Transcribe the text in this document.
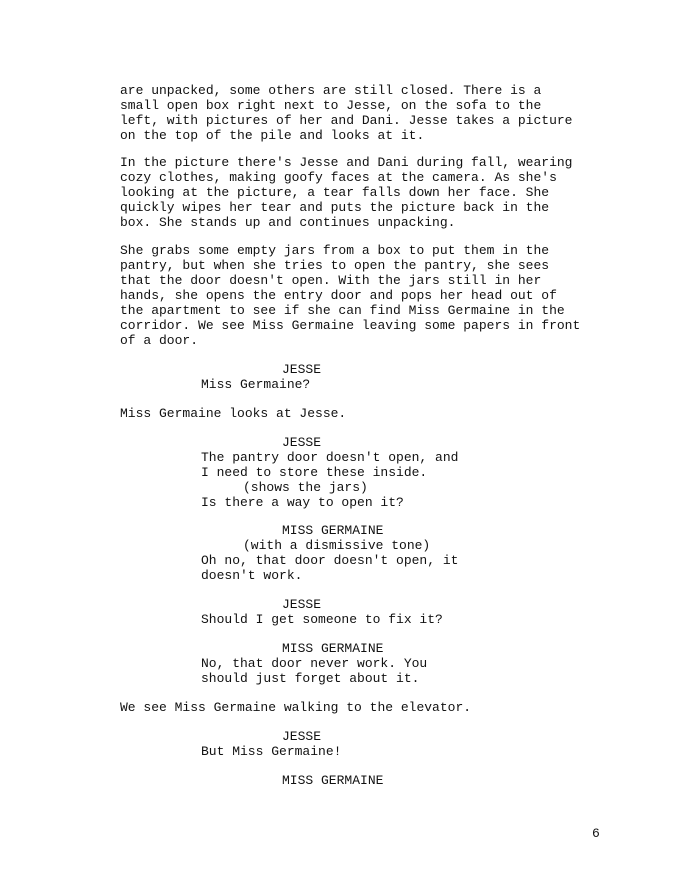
are unpacked, some others are still closed. There is a
small open box right next to Jesse, on the sofa to the
left, with pictures of her and Dani. Jesse takes a picture
on the top of the pile and looks at it.
In the picture there's Jesse and Dani during fall, wearing
cozy clothes, making goofy faces at the camera. As she's
looking at the picture, a tear falls down her face. She
quickly wipes her tear and puts the picture back in the
box. She stands up and continues unpacking.
She grabs some empty jars from a box to put them in the
pantry, but when she tries to open the pantry, she sees
that the door doesn't open. With the jars still in her
hands, she opens the entry door and pops her head out of
the apartment to see if she can find Miss Germaine in the
corridor. We see Miss Germaine leaving some papers in front
of a door.
JESSE
Miss Germaine?
Miss Germaine looks at Jesse.
JESSE
The pantry door doesn't open, and
I need to store these inside.
(shows the jars)
Is there a way to open it?
MISS GERMAINE
(with a dismissive tone)
Oh no, that door doesn't open, it
doesn't work.
JESSE
Should I get someone to fix it?
MISS GERMAINE
No, that door never work. You
should just forget about it.
We see Miss Germaine walking to the elevator.
JESSE
But Miss Germaine!
MISS GERMAINE
6
